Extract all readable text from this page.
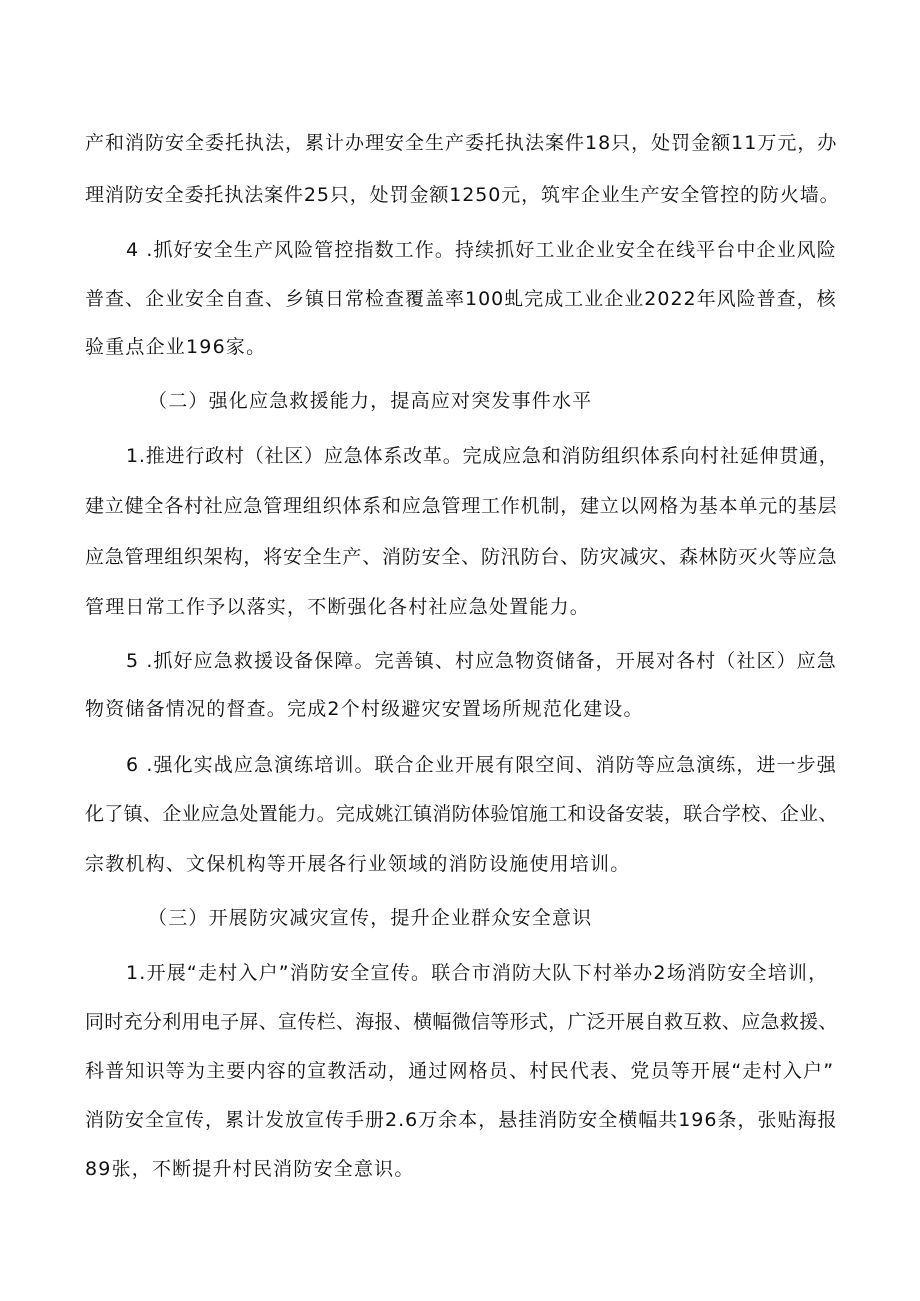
产和消防安全委托执法，累计办理安全生产委托执法案件18只，处罚金额11万元，办

理消防安全委托执法案件25只，处罚金额1250元，筑牢企业生产安全管控的防火墙。

4 .抓好安全生产风险管控指数工作。持续抓好工业企业安全在线平台中企业风险

普查、企业安全自查、乡镇日常检查覆盖率100虬完成工业企业2022年风险普查，核

验重点企业196家。

（二）强化应急救援能力，提高应对突发事件水平

1.推进行政村（社区）应急体系改革。完成应急和消防组织体系向村社延伸贯通，

建立健全各村社应急管理组织体系和应急管理工作机制，建立以网格为基本单元的基层

应急管理组织架构，将安全生产、消防安全、防汛防台、防灾减灾、森林防灭火等应急

管理日常工作予以落实，不断强化各村社应急处置能力。

5 .抓好应急救援设备保障。完善镇、村应急物资储备，开展对各村（社区）应急

物资储备情况的督查。完成2个村级避灾安置场所规范化建设。

6 .强化实战应急演练培训。联合企业开展有限空间、消防等应急演练，进一步强

化了镇、企业应急处置能力。完成姚江镇消防体验馆施工和设备安装，联合学校、企业、

宗教机构、文保机构等开展各行业领域的消防设施使用培训。

（三）开展防灾减灾宣传，提升企业群众安全意识

1.开展“走村入户”消防安全宣传。联合市消防大队下村举办2场消防安全培训，

同时充分利用电子屏、宣传栏、海报、横幅微信等形式，广泛开展自救互救、应急救援、

科普知识等为主要内容的宣教活动，通过网格员、村民代表、党员等开展“走村入户”

消防安全宣传，累计发放宣传手册2.6万余本，悬挂消防安全横幅共196条，张贴海报

89张，不断提升村民消防安全意识。
